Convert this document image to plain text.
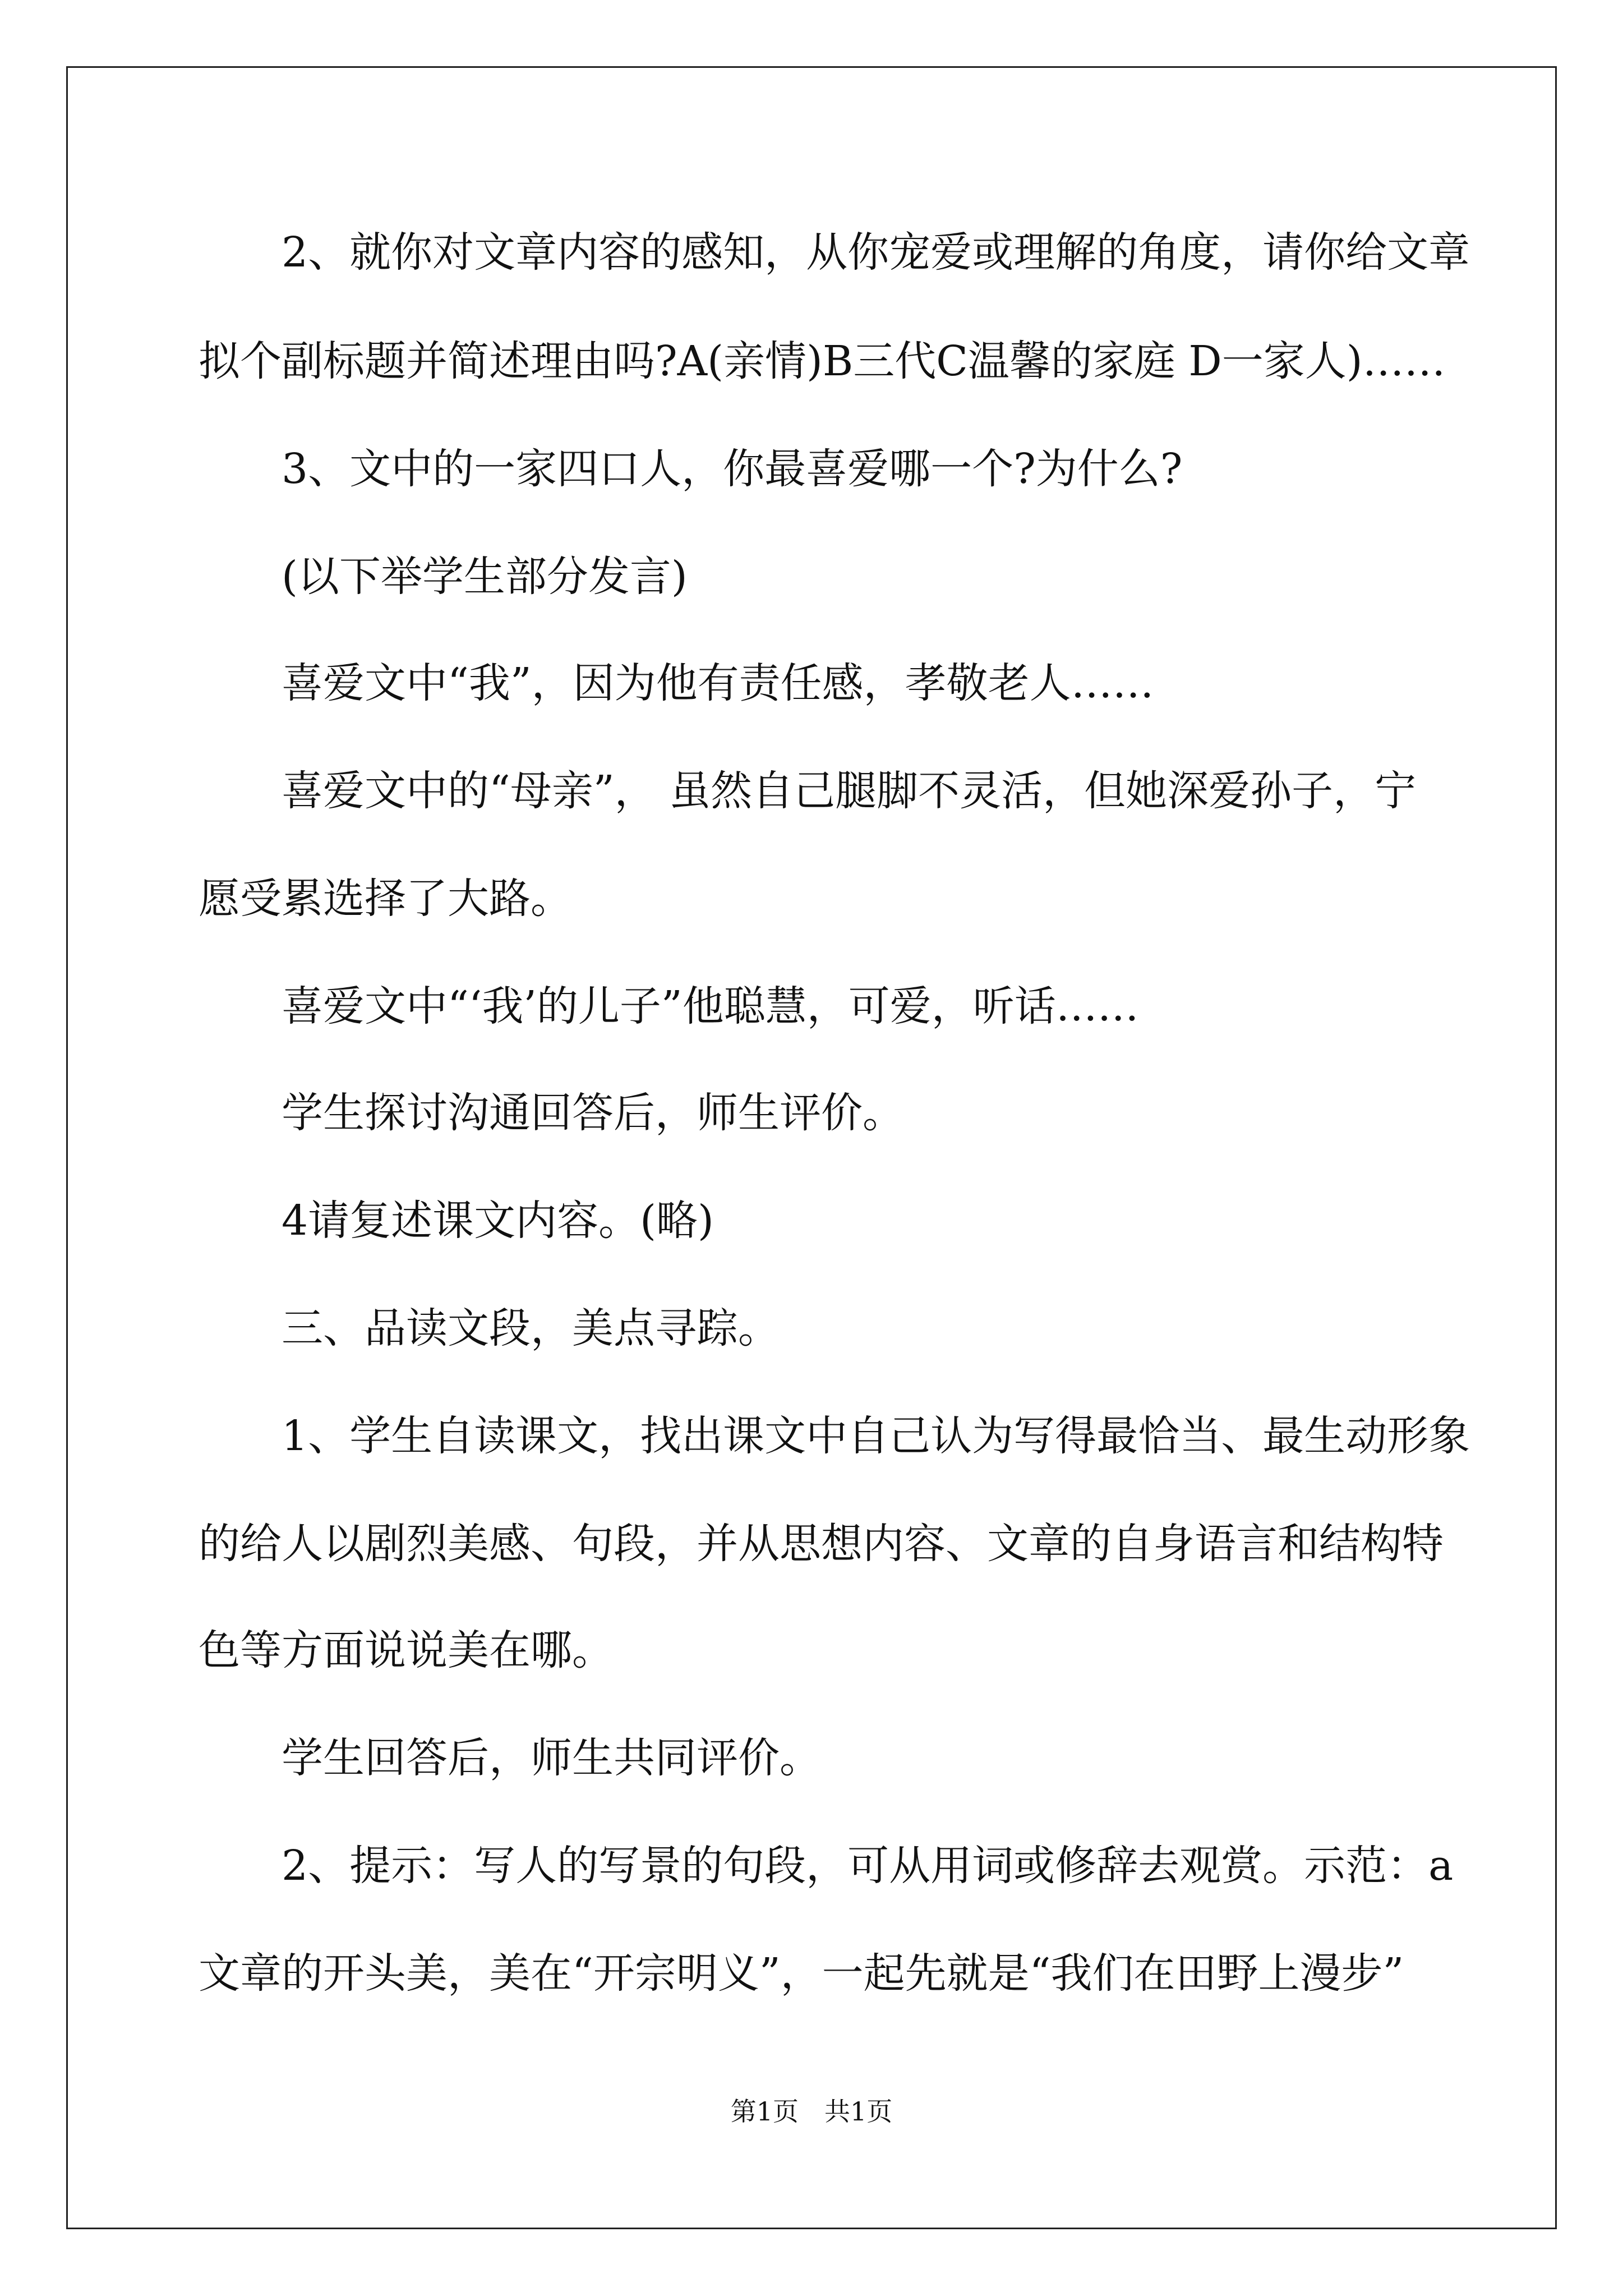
2、就你对文章内容的感知，从你宠爱或理解的角度，请你给文章
拟个副标题并简述理由吗?A(亲情)B三代C温馨的家庭 D一家人)……
3、文中的一家四口人，你最喜爱哪一个?为什么?
(以下举学生部分发言)
喜爱文中“我”，因为他有责任感，孝敬老人……
喜爱文中的“母亲”， 虽然自己腿脚不灵活，但她深爱孙子，宁
愿受累选择了大路。
喜爱文中“‘我’的儿子”他聪慧，可爱，听话……
学生探讨沟通回答后，师生评价。
4请复述课文内容。(略)
三、品读文段，美点寻踪。
1、学生自读课文，找出课文中自己认为写得最恰当、最生动形象
的给人以剧烈美感、句段，并从思想内容、文章的自身语言和结构特
色等方面说说美在哪。
学生回答后，师生共同评价。
2、提示：写人的写景的句段，可从用词或修辞去观赏。示范：a
文章的开头美，美在“开宗明义”，一起先就是“我们在田野上漫步”
第1页　共1页
